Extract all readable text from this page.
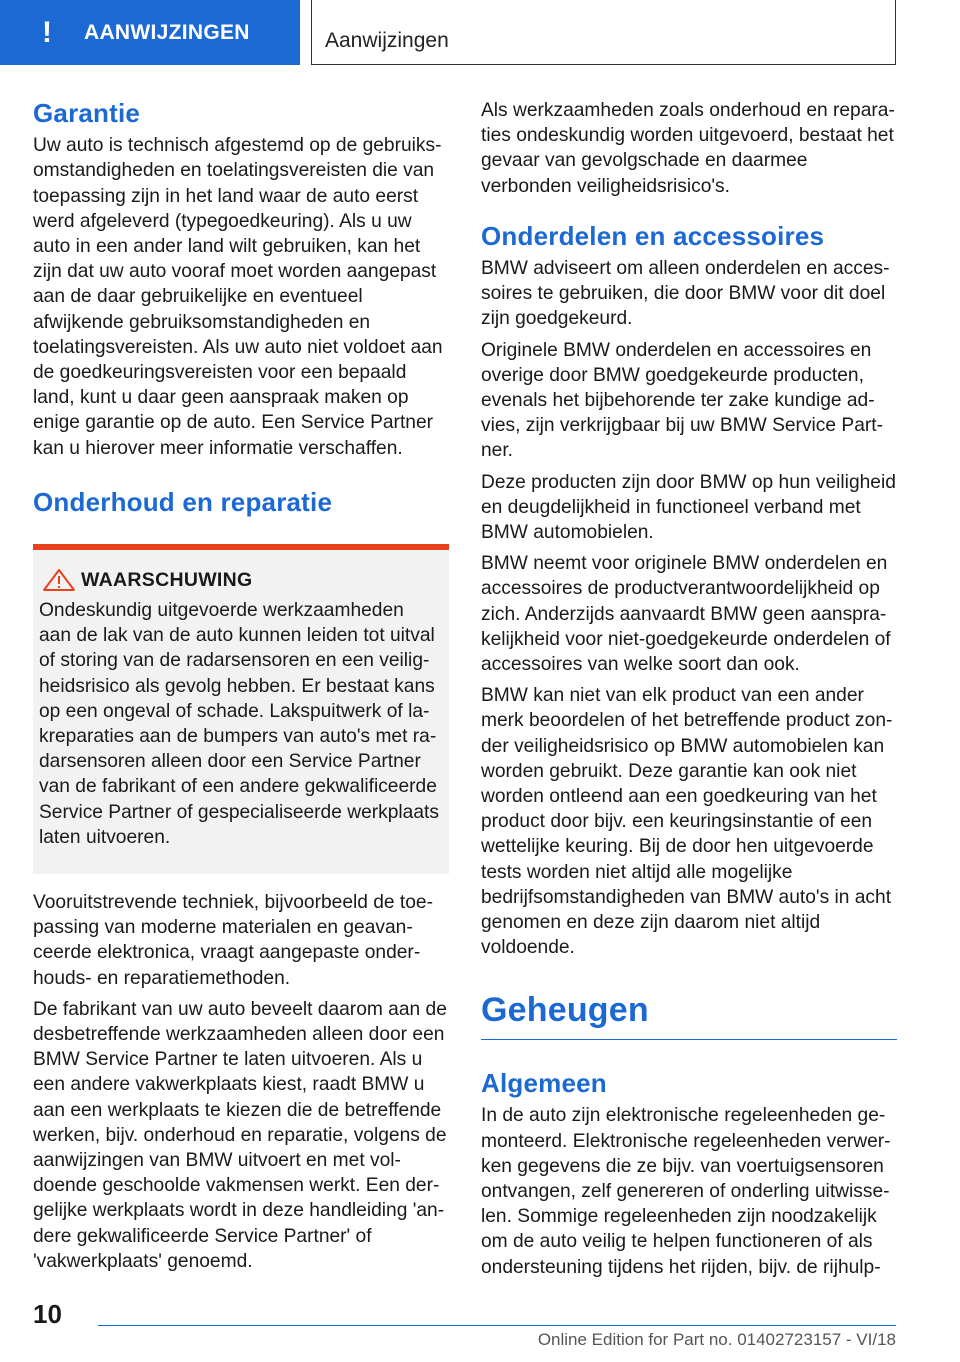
! AANWIJZINGEN	Aanwijzingen
Garantie

Uw auto is technisch afgestemd op de gebruiksomstandigheden en toelatingsvereisten die van toepassing zijn in het land waar de auto eerst werd afgeleverd (typegoedkeuring). Als u uw auto in een ander land wilt gebruiken, kan het zijn dat uw auto vooraf moet worden aangepast aan de daar gebruikelijke en eventueel afwijkende gebruiksomstandigheden en toelatingsvereisten. Als uw auto niet voldoet aan de goedkeuringsvereisten voor een bepaald land, kunt u daar geen aanspraak maken op enige garantie op de auto. Een Service Partner kan u hierover meer informatie verschaffen.

Onderhoud en reparatie
WAARSCHUWING

Ondeskundig uitgevoerde werkzaamheden aan de lak van de auto kunnen leiden tot uitval of storing van de radarsensoren en een veiligheidsrisico als gevolg hebben. Er bestaat kans op een ongeval of schade. Lakspuitwerk of lakreparaties aan de bumpers van auto's met radarsensoren alleen door een Service Partner van de fabrikant of een andere gekwalificeerde Service Partner of gespecialiseerde werkplaats laten uitvoeren.

Vooruitstrevende techniek, bijvoorbeeld de toepassing van moderne materialen en geavanceerde elektronica, vraagt aangepaste onderhouds- en reparatiemethoden.

De fabrikant van uw auto beveelt daarom aan de desbetreffende werkzaamheden alleen door een BMW Service Partner te laten uitvoeren. Als u een andere vakwerkplaats kiest, raadt BMW u aan een werkplaats te kiezen die de betreffende werken, bijv. onderhoud en reparatie, volgens de aanwijzingen van BMW uitvoert en met voldoende geschoolde vakmensen werkt. Een dergelijke werkplaats wordt in deze handleiding 'andere gekwalificeerde Service Partner' of 'vakwerkplaats' genoemd.

Als werkzaamheden zoals onderhoud en reparaties ondeskundig worden uitgevoerd, bestaat het gevaar van gevolgschade en daarmee verbonden veiligheidsrisico's.

Onderdelen en accessoires

BMW adviseert om alleen onderdelen en accessoires te gebruiken, die door BMW voor dit doel zijn goedgekeurd.

Originele BMW onderdelen en accessoires en overige door BMW goedgekeurde producten, evenals het bijbehorende ter zake kundige advies, zijn verkrijgbaar bij uw BMW Service Partner.

Deze producten zijn door BMW op hun veiligheid en deugdelijkheid in functioneel verband met BMW automobielen.

BMW neemt voor originele BMW onderdelen en accessoires de productverantwoordelijkheid op zich. Anderzijds aanvaardt BMW geen aansprakelijkheid voor niet-goedgekeurde onderdelen of accessoires van welke soort dan ook.

BMW kan niet van elk product van een ander merk beoordelen of het betreffende product zonder veiligheidsrisico op BMW automobielen kan worden gebruikt. Deze garantie kan ook niet worden ontleend aan een goedkeuring van het product door bijv. een keuringsinstantie of een wettelijke keuring. Bij de door hen uitgevoerde tests worden niet altijd alle mogelijke bedrijfsomstandigheden van BMW auto's in acht genomen en deze zijn daarom niet altijd voldoende.

Geheugen
Algemeen

In de auto zijn elektronische regeleenheden gemonteerd. Elektronische regeleenheden verwerken gegevens die ze bijv. van voertuigsensoren ontvangen, zelf genereren of onderling uitwisselen. Sommige regeleenheden zijn noodzakelijk om de auto veilig te helpen functioneren of als ondersteuning tijdens het rijden, bijv. de rijhulp-

10
Online Edition for Part no. 01402723157 - VI/18
